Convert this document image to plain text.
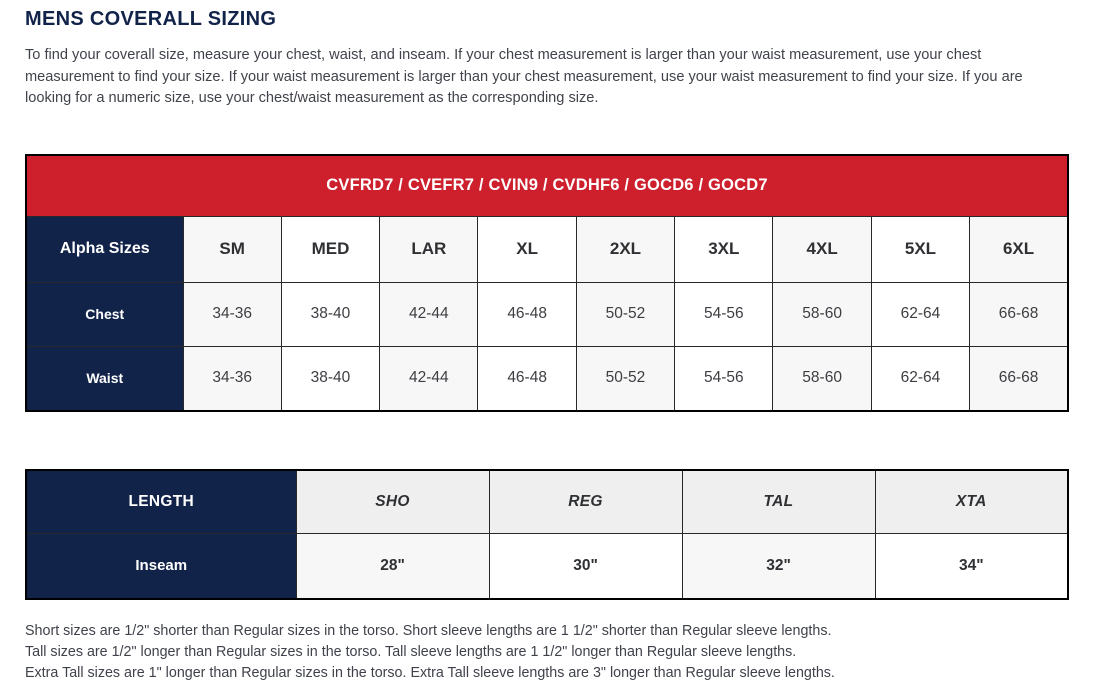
MENS COVERALL SIZING

To find your coverall size, measure your chest, waist, and inseam. If your chest measurement is larger than your waist measurement, use your chest measurement to find your size. If your waist measurement is larger than your chest measurement, use your waist measurement to find your size. If you are looking for a numeric size, use your chest/waist measurement as the corresponding size.

CVFRD7 / CVEFR7 / CVIN9 / CVDHF6 / GOCD6 / GOCD7									
Alpha Sizes	SM	MED	LAR	XL	2XL	3XL	4XL	5XL	6XL
Chest	34-36	38-40	42-44	46-48	50-52	54-56	58-60	62-64	66-68
Waist	34-36	38-40	42-44	46-48	50-52	54-56	58-60	62-64	66-68
LENGTH	SHO	REG	TAL	XTA
Inseam	28"	30"	32"	34"
Short sizes are 1/2" shorter than Regular sizes in the torso. Short sleeve lengths are 1 1/2" shorter than Regular sleeve lengths.
Tall sizes are 1/2" longer than Regular sizes in the torso. Tall sleeve lengths are 1 1/2" longer than Regular sleeve lengths.
Extra Tall sizes are 1" longer than Regular sizes in the torso. Extra Tall sleeve lengths are 3" longer than Regular sleeve lengths.
